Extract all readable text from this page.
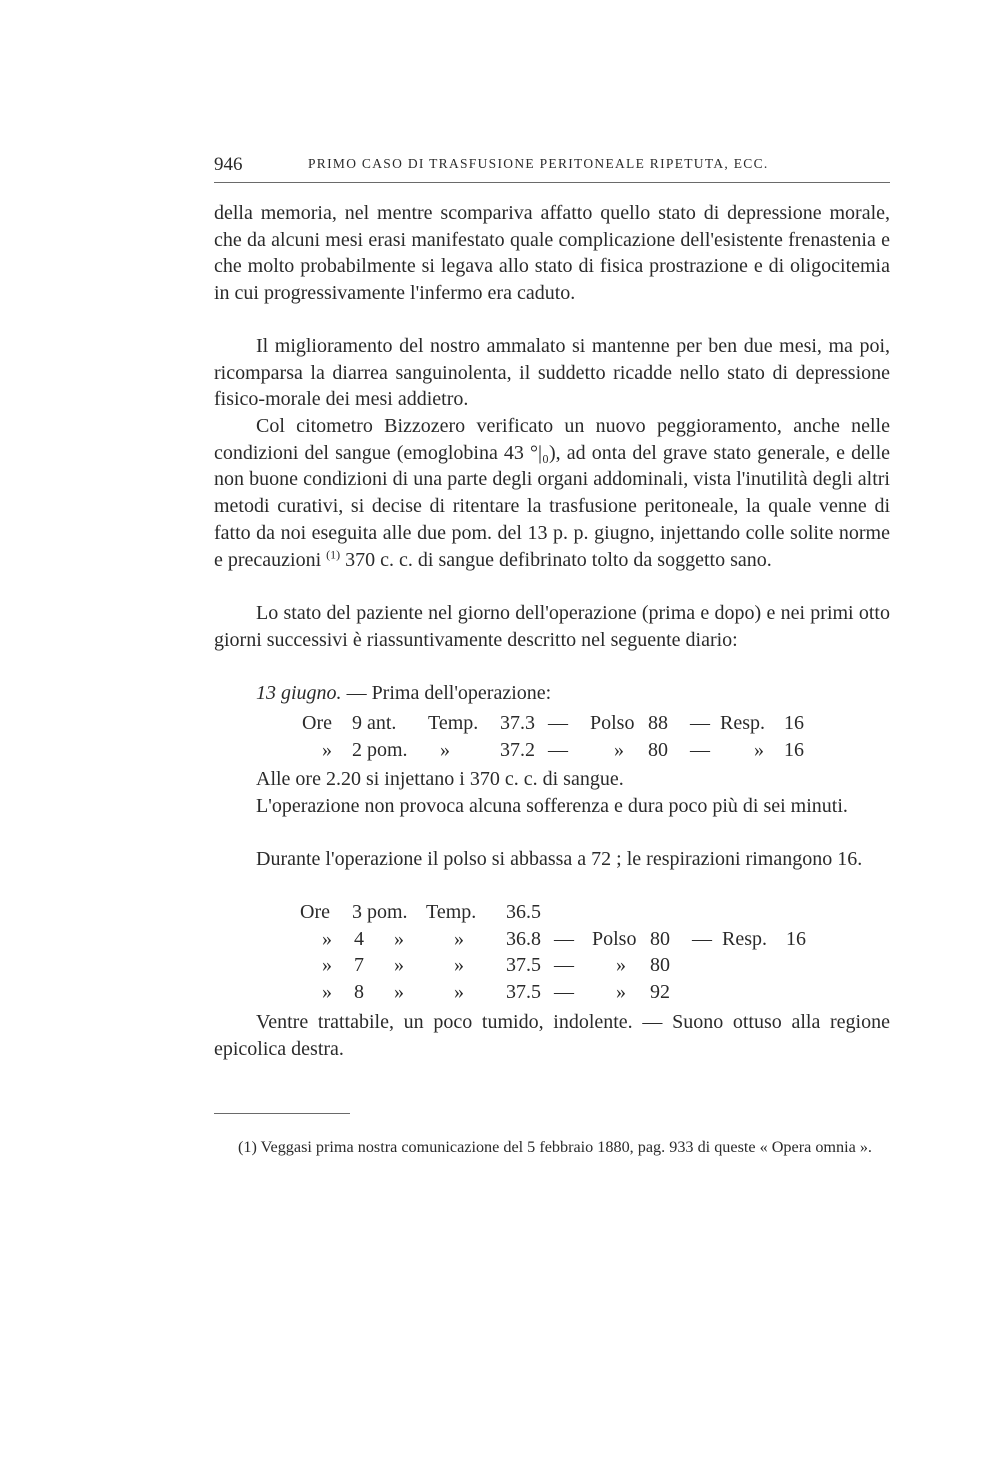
946	PRIMO CASO DI TRASFUSIONE PERITONEALE RIPETUTA, ECC.

della memoria, nel mentre scompariva affatto quello stato di depressione morale, che da alcuni mesi erasi manifestato quale complicazione dell'esistente frenastenia e che molto probabilmente si legava allo stato di fisica prostrazione e di oligocitemia in cui progressivamente l'infermo era caduto.

Il miglioramento del nostro ammalato si mantenne per ben due mesi, ma poi, ricomparsa la diarrea sanguinolenta, il suddetto ricadde nello stato di depressione fisico-morale dei mesi addietro.

Col citometro Bizzozero verificato un nuovo peggioramento, anche nelle condizioni del sangue (emoglobina 43 °|₀), ad onta del grave stato generale, e delle non buone condizioni di una parte degli organi addominali, vista l'inutilità degli altri metodi curativi, si decise di ritentare la trasfusione peritoneale, la quale venne di fatto da noi eseguita alle due pom. del 13 p. p. giugno, injettando colle solite norme e precauzioni $^{(1)}$ 370 c. c. di sangue defibrinato tolto da soggetto sano.

Lo stato del paziente nel giorno dell'operazione (prima e dopo) e nei primi otto giorni successivi è riassuntivamente descritto nel seguente diario:

13 giugno. — Prima dell'operazione:

Ore 9 ant. Temp. 37.3 — Polso 88 — Resp. 16
» 2 pom. »	37.2 — » 80 — » 16

Alle ore 2.20 si injettano i 370 c. c. di sangue.

L'operazione non provoca alcuna sofferenza e dura poco più di sei minuti.

Durante l'operazione il polso si abbassa a 72 ; le respirazioni rimangono 16.

Ore 3 pom. Temp. 36.5
» 4 »	» 36.8 — Polso 80 — Resp. 16
» 7 »	» 37.5 — » 80
» 8 »	» 37.5 — » 92

Ventre trattabile, un poco tumido, indolente. — Suono ottuso alla regione epicolica destra.

(1) Veggasi prima nostra comunicazione del 5 febbraio 1880, pag. 933 di queste « Opera omnia ».
